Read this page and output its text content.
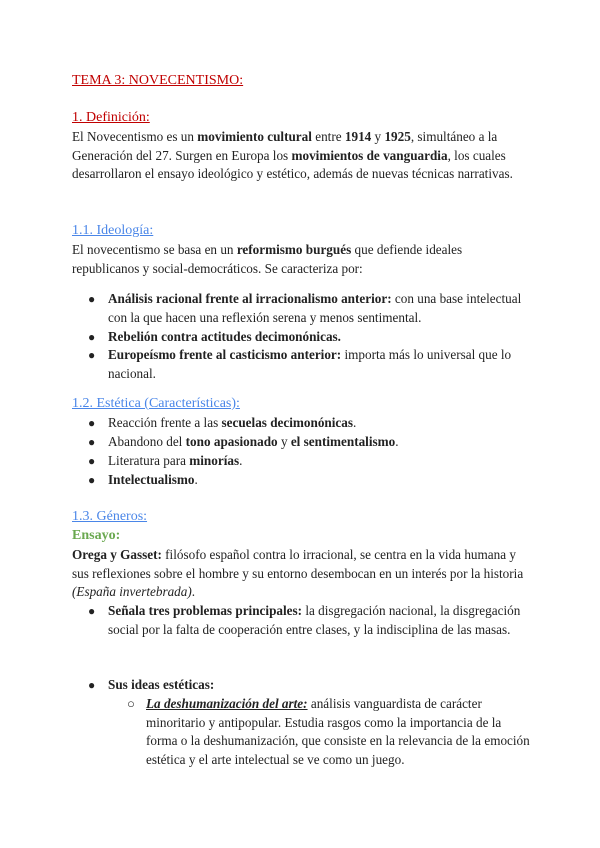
TEMA 3: NOVECENTISMO:
1. Definición:
El Novecentismo es un movimiento cultural entre 1914 y 1925, simultáneo a la Generación del 27. Surgen en Europa los movimientos de vanguardia, los cuales desarrollaron el ensayo ideológico y estético, además de nuevas técnicas narrativas.
1.1. Ideología:
El novecentismo se basa en un reformismo burgués que defiende ideales republicanos y social-democráticos. Se caracteriza por:
● Análisis racional frente al irracionalismo anterior: con una base intelectual con la que hacen una reflexión serena y menos sentimental.
● Rebelión contra actitudes decimonónicas.
● Europeísmo frente al casticismo anterior: importa más lo universal que lo nacional.
1.2. Estética (Características):
● Reacción frente a las secuelas decimonónicas.
● Abandono del tono apasionado y el sentimentalismo.
● Literatura para minorías.
● Intelectualismo.
1.3. Géneros:
Ensayo:
Orega y Gasset: filósofo español contra lo irracional, se centra en la vida humana y sus reflexiones sobre el hombre y su entorno desembocan en un interés por la historia (España invertebrada).
● Señala tres problemas principales: la disgregación nacional, la disgregación social por la falta de cooperación entre clases, y la indisciplina de las masas.
● Sus ideas estéticas:
○ La deshumanización del arte: análisis vanguardista de carácter minoritario y antipopular. Estudia rasgos como la importancia de la forma o la deshumanización, que consiste en la relevancia de la emoción estética y el arte intelectual se ve como un juego.
